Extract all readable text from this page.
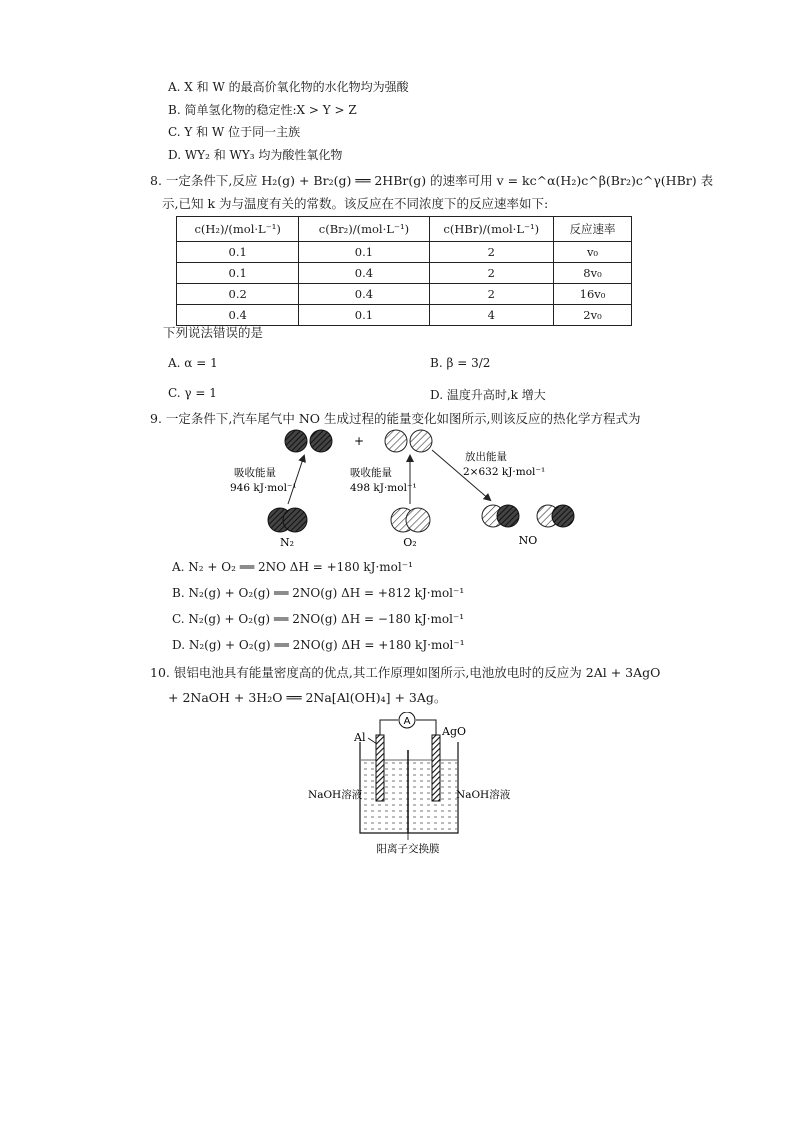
A. X 和 W 的最高价氧化物的水化物均为强酸
B. 简单氢化物的稳定性:X > Y > Z
C. Y 和 W 位于同一主族
D. WY₂ 和 WY₃ 均为酸性氧化物
8. 一定条件下,反应 H₂(g) + Br₂(g) ══ 2HBr(g) 的速率可用 v = kc^α(H₂)c^β(Br₂)c^γ(HBr) 表
示,已知 k 为与温度有关的常数。该反应在不同浓度下的反应速率如下:
c(H₂)/(mol·L⁻¹)	c(Br₂)/(mol·L⁻¹)	c(HBr)/(mol·L⁻¹)	反应速率
0.1	0.1	2	v₀
0.1	0.4	2	8v₀
0.2	0.4	2	16v₀
0.4	0.1	4	2v₀
下列说法错误的是
A. α = 1	B. β = 3/2
C. γ = 1	D. 温度升高时,k 增大
9. 一定条件下,汽车尾气中 NO 生成过程的能量变化如图所示,则该反应的热化学方程式为
+
吸收能量
946 kJ·mol⁻¹
吸收能量
498 kJ·mol⁻¹
放出能量
2×632 kJ·mol⁻¹
N₂	O₂	NO
A. N₂ + O₂ ══ 2NO ΔH = +180 kJ·mol⁻¹
B. N₂(g) + O₂(g) ══ 2NO(g) ΔH = +812 kJ·mol⁻¹
C. N₂(g) + O₂(g) ══ 2NO(g) ΔH = −180 kJ·mol⁻¹
D. N₂(g) + O₂(g) ══ 2NO(g) ΔH = +180 kJ·mol⁻¹
10. 银铝电池具有能量密度高的优点,其工作原理如图所示,电池放电时的反应为 2Al + 3AgO
+ 2NaOH + 3H₂O ══ 2Na[Al(OH)₄] + 3Ag。
A
Al	AgO
NaOH溶液	NaOH溶液
阳离子交换膜
